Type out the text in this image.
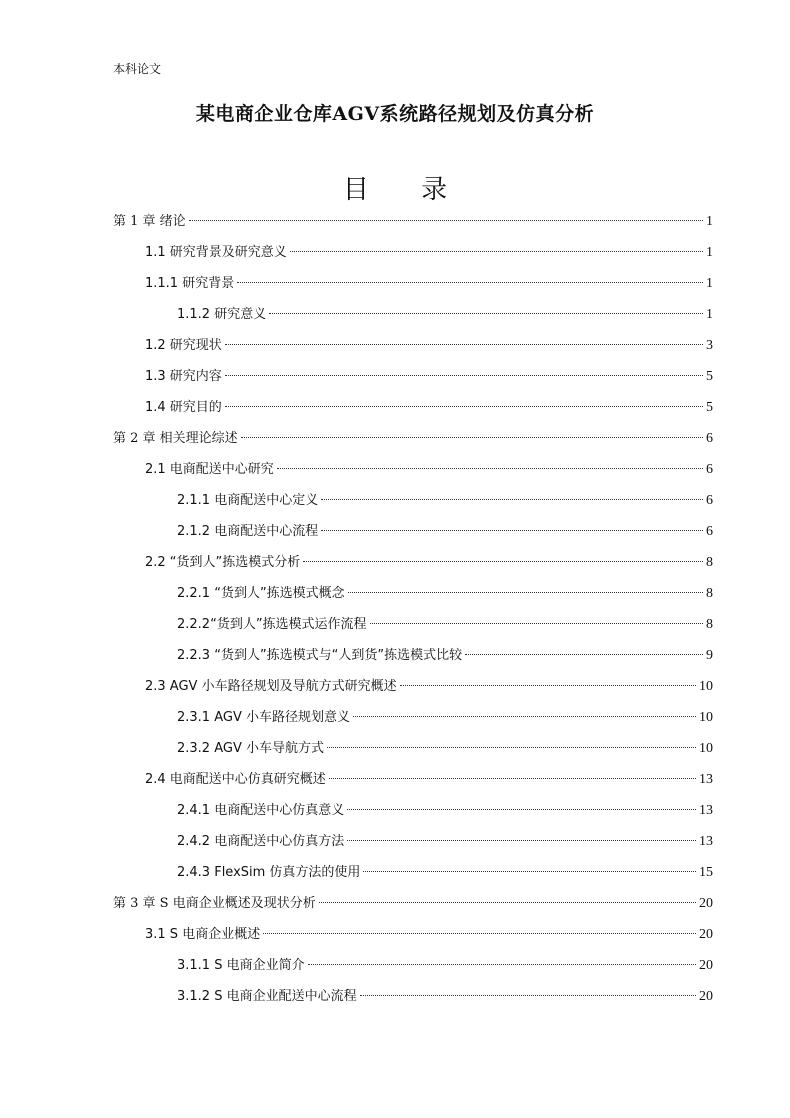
本科论文
某电商企业仓库AGV系统路径规划及仿真分析
目 录
第 1 章 绪论	1
1.1 研究背景及研究意义	1
1.1.1 研究背景	1
1.1.2 研究意义	1
1.2 研究现状	3
1.3 研究内容	5
1.4 研究目的	5
第 2 章 相关理论综述	6
2.1 电商配送中心研究	6
2.1.1 电商配送中心定义	6
2.1.2 电商配送中心流程	6
2.2 “货到人”拣选模式分析	8
2.2.1 “货到人”拣选模式概念	8
2.2.2“货到人”拣选模式运作流程	8
2.2.3 “货到人”拣选模式与“人到货”拣选模式比较	9
2.3 AGV 小车路径规划及导航方式研究概述	10
2.3.1 AGV 小车路径规划意义	10
2.3.2 AGV 小车导航方式	10
2.4 电商配送中心仿真研究概述	13
2.4.1 电商配送中心仿真意义	13
2.4.2 电商配送中心仿真方法	13
2.4.3 FlexSim 仿真方法的使用	15
第 3 章 S 电商企业概述及现状分析	20
3.1 S 电商企业概述	20
3.1.1 S 电商企业简介	20
3.1.2 S 电商企业配送中心流程	20
